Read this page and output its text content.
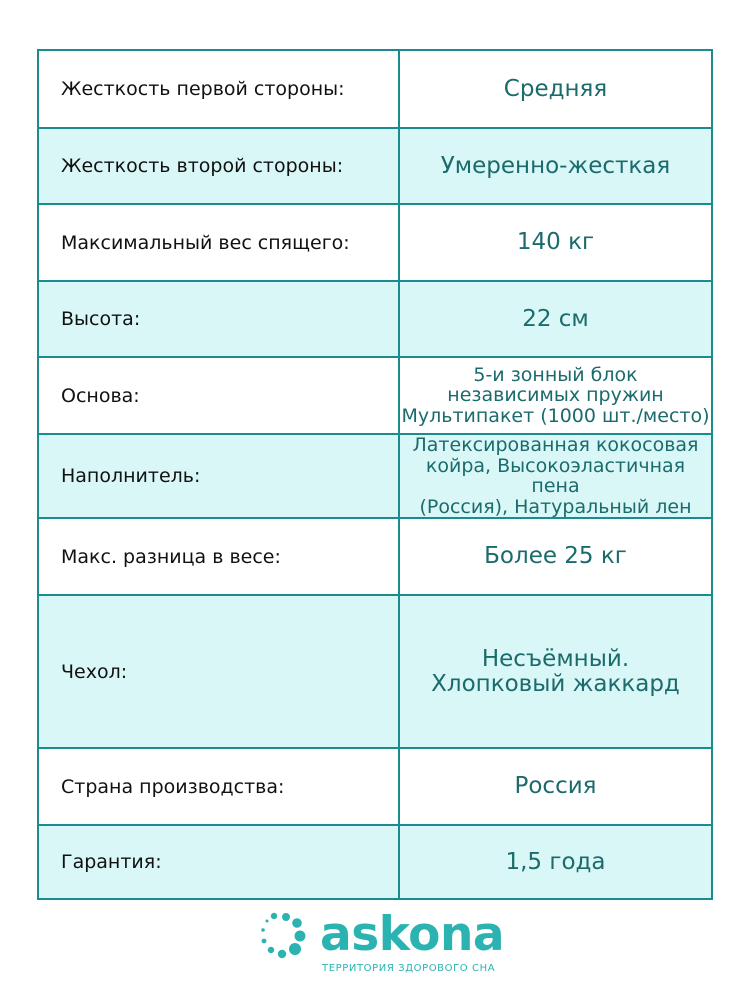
Жесткость первой стороны:	Средняя

Жесткость второй стороны:	Умеренно-жесткая

Максимальный вес спящего:	140 кг

Высота:	22 см

Основа:	5-и зонный блок
независимых пружин
Мультипакет (1000 шт./место)

Наполнитель:	Латексированная кокосовая
койра, Высокоэластичная пена
(Россия), Натуральный лен

Макс. разница в весе:	Более 25 кг

Чехол:	Несъёмный.
Хлопковый жаккард

Страна производства:	Россия

Гарантия:	1,5 года
askona
ТЕРРИТОРИЯ ЗДОРОВОГО СНА
